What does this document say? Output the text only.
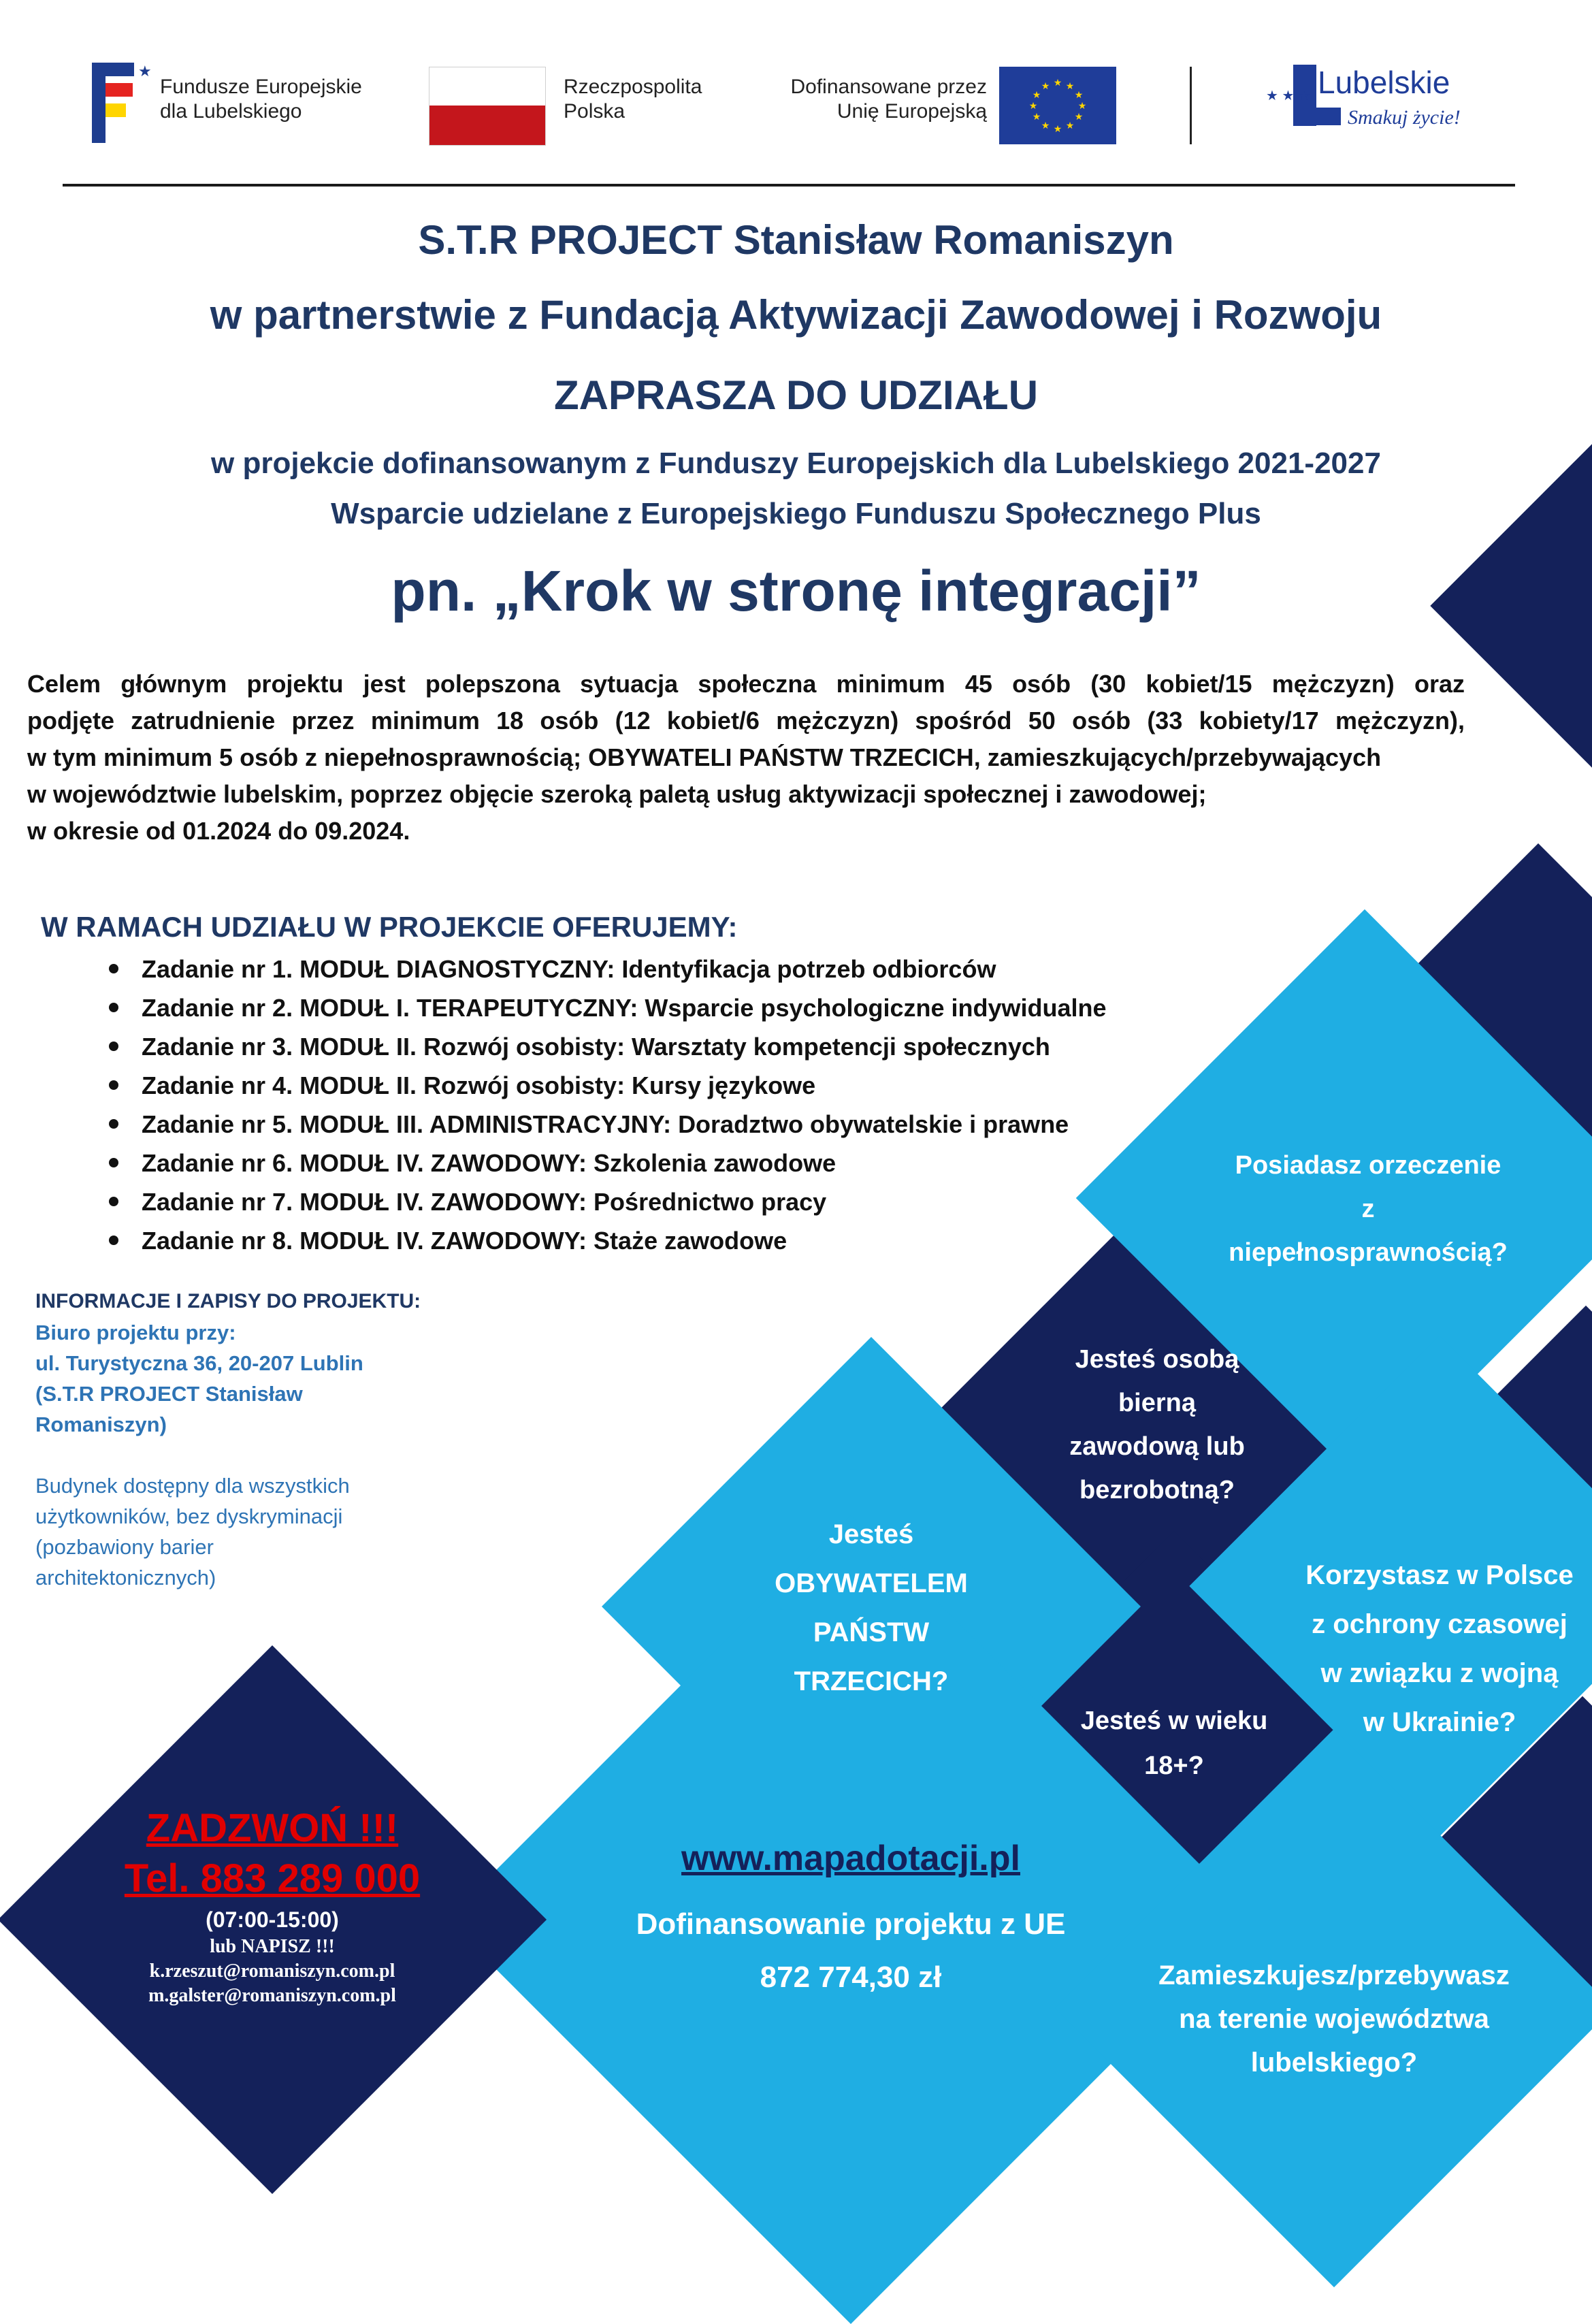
★
Fundusze Europejskie
dla Lubelskiego
Rzeczpospolita
Polska
Dofinansowane przez
Unię Europejską
★ ★
★
★
★
★
★
★
★
★
★
★	Lubelskie
Smakuj życie!
★ ★ ★
S.T.R PROJECT Stanisław Romaniszyn
w partnerstwie z Fundacją Aktywizacji Zawodowej i Rozwoju
ZAPRASZA DO UDZIAŁU
w projekcie dofinansowanym z Funduszy Europejskich dla Lubelskiego 2021-2027
Wsparcie udzielane z Europejskiego Funduszu Społecznego Plus
pn. „Krok w stronę integracji”
Celem głównym projektu jest polepszona sytuacja społeczna minimum 45 osób (30 kobiet/15 mężczyzn) oraz
podjęte zatrudnienie przez minimum 18 osób (12 kobiet/6 mężczyzn) spośród 50 osób (33 kobiety/17 mężczyzn),
w tym minimum 5 osób z niepełnosprawnością; OBYWATELI PAŃSTW TRZECICH, zamieszkujących/przebywających
w województwie lubelskim, poprzez objęcie szeroką paletą usług aktywizacji społecznej i zawodowej;
w okresie od 01.2024 do 09.2024.
W RAMACH UDZIAŁU W PROJEKCIE OFERUJEMY:
Zadanie nr 1. MODUŁ DIAGNOSTYCZNY: Identyfikacja potrzeb odbiorców
Zadanie nr 2. MODUŁ I. TERAPEUTYCZNY: Wsparcie psychologiczne indywidualne
Zadanie nr 3. MODUŁ II. Rozwój osobisty: Warsztaty kompetencji społecznych
Zadanie nr 4. MODUŁ II. Rozwój osobisty: Kursy językowe
Zadanie nr 5. MODUŁ III. ADMINISTRACYJNY: Doradztwo obywatelskie i prawne
Zadanie nr 6. MODUŁ IV. ZAWODOWY: Szkolenia zawodowe
Zadanie nr 7. MODUŁ IV. ZAWODOWY: Pośrednictwo pracy
Zadanie nr 8. MODUŁ IV. ZAWODOWY: Staże zawodowe
INFORMACJE I ZAPISY DO PROJEKTU:
Biuro projektu przy:
ul. Turystyczna 36, 20-207 Lublin
(S.T.R PROJECT Stanisław
Romaniszyn)
Budynek dostępny dla wszystkich
użytkowników, bez dyskryminacji
(pozbawiony barier
architektonicznych)
Posiadasz orzeczenie
z
niepełnosprawnością?
Jesteś osobą
bierną
zawodową lub
bezrobotną?
Jesteś
OBYWATELEM
PAŃSTW
TRZECICH?
Korzystasz w Polsce
z ochrony czasowej
w związku z wojną
w Ukrainie?
Jesteś w wieku
18+?
Zamieszkujesz/przebywasz
na terenie województwa
lubelskiego?
www.mapadotacji.pl
Dofinansowanie projektu z UE
872 774,30 zł
ZADZWOŃ !!!
Tel. 883 289 000
(07:00-15:00)
lub NAPISZ !!!
k.rzeszut@romaniszyn.com.pl
m.galster@romaniszyn.com.pl
